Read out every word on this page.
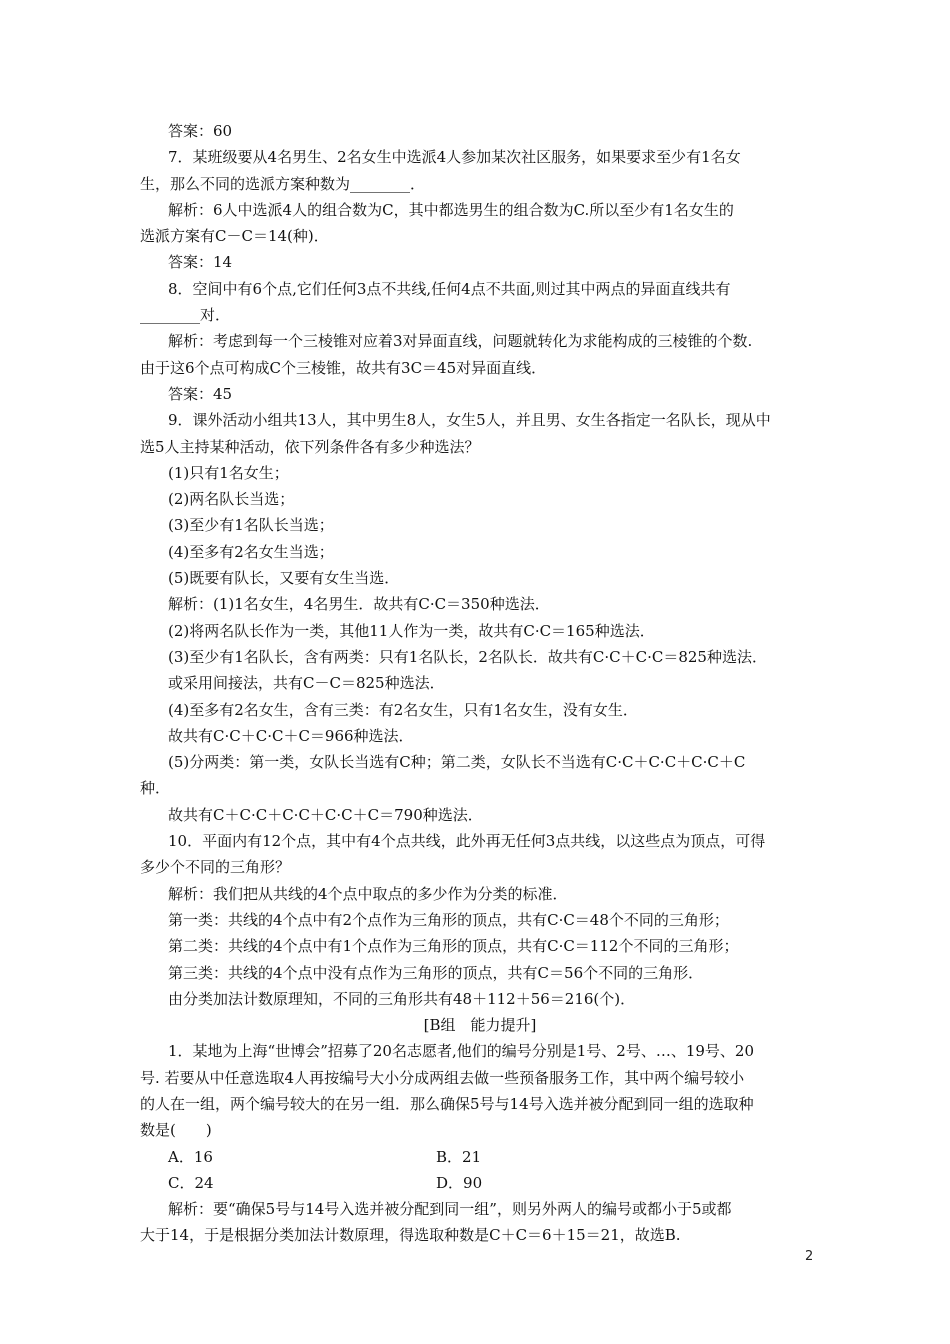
答案：60
7．某班级要从4名男生、2名女生中选派4人参加某次社区服务，如果要求至少有1名女
生，那么不同的选派方案种数为________．
解析：6人中选派4人的组合数为C，其中都选男生的组合数为C.所以至少有1名女生的
选派方案有C－C＝14(种)．
答案：14
8．空间中有6个点,它们任何3点不共线,任何4点不共面,则过其中两点的异面直线共有
________对．
解析：考虑到每一个三棱锥对应着3对异面直线，问题就转化为求能构成的三棱锥的个数.
由于这6个点可构成C个三棱锥，故共有3C＝45对异面直线．
答案：45
9．课外活动小组共13人，其中男生8人，女生5人，并且男、女生各指定一名队长，现从中
选5人主持某种活动，依下列条件各有多少种选法？
(1)只有1名女生；
(2)两名队长当选；
(3)至少有1名队长当选；
(4)至多有2名女生当选；
(5)既要有队长，又要有女生当选．
解析：(1)1名女生，4名男生．故共有C·C＝350种选法．
(2)将两名队长作为一类，其他11人作为一类，故共有C·C＝165种选法．
(3)至少有1名队长，含有两类：只有1名队长，2名队长．故共有C·C＋C·C＝825种选法．
或采用间接法，共有C－C＝825种选法．
(4)至多有2名女生，含有三类：有2名女生，只有1名女生，没有女生．
故共有C·C＋C·C＋C＝966种选法．
(5)分两类：第一类，女队长当选有C种；第二类，女队长不当选有C·C＋C·C＋C·C＋C
种．
故共有C＋C·C＋C·C＋C·C＋C＝790种选法．
10．平面内有12个点，其中有4个点共线，此外再无任何3点共线，以这些点为顶点，可得
多少个不同的三角形？
解析：我们把从共线的4个点中取点的多少作为分类的标准．
第一类：共线的4个点中有2个点作为三角形的顶点，共有C·C＝48个不同的三角形；
第二类：共线的4个点中有1个点作为三角形的顶点，共有C·C＝112个不同的三角形；
第三类：共线的4个点中没有点作为三角形的顶点，共有C＝56个不同的三角形．
由分类加法计数原理知，不同的三角形共有48＋112＋56＝216(个)．
[B组　能力提升]
1．某地为上海“世博会”招募了20名志愿者,他们的编号分别是1号、2号、…、19号、20
号. 若要从中任意选取4人再按编号大小分成两组去做一些预备服务工作，其中两个编号较小
的人在一组，两个编号较大的在另一组．那么确保5号与14号入选并被分配到同一组的选取种
数是(　　)
A．16	B．21
C．24	D．90
解析：要“确保5号与14号入选并被分配到同一组”，则另外两人的编号或都小于5或都
大于14，于是根据分类加法计数原理，得选取种数是C＋C＝6＋15＝21，故选B.
2
